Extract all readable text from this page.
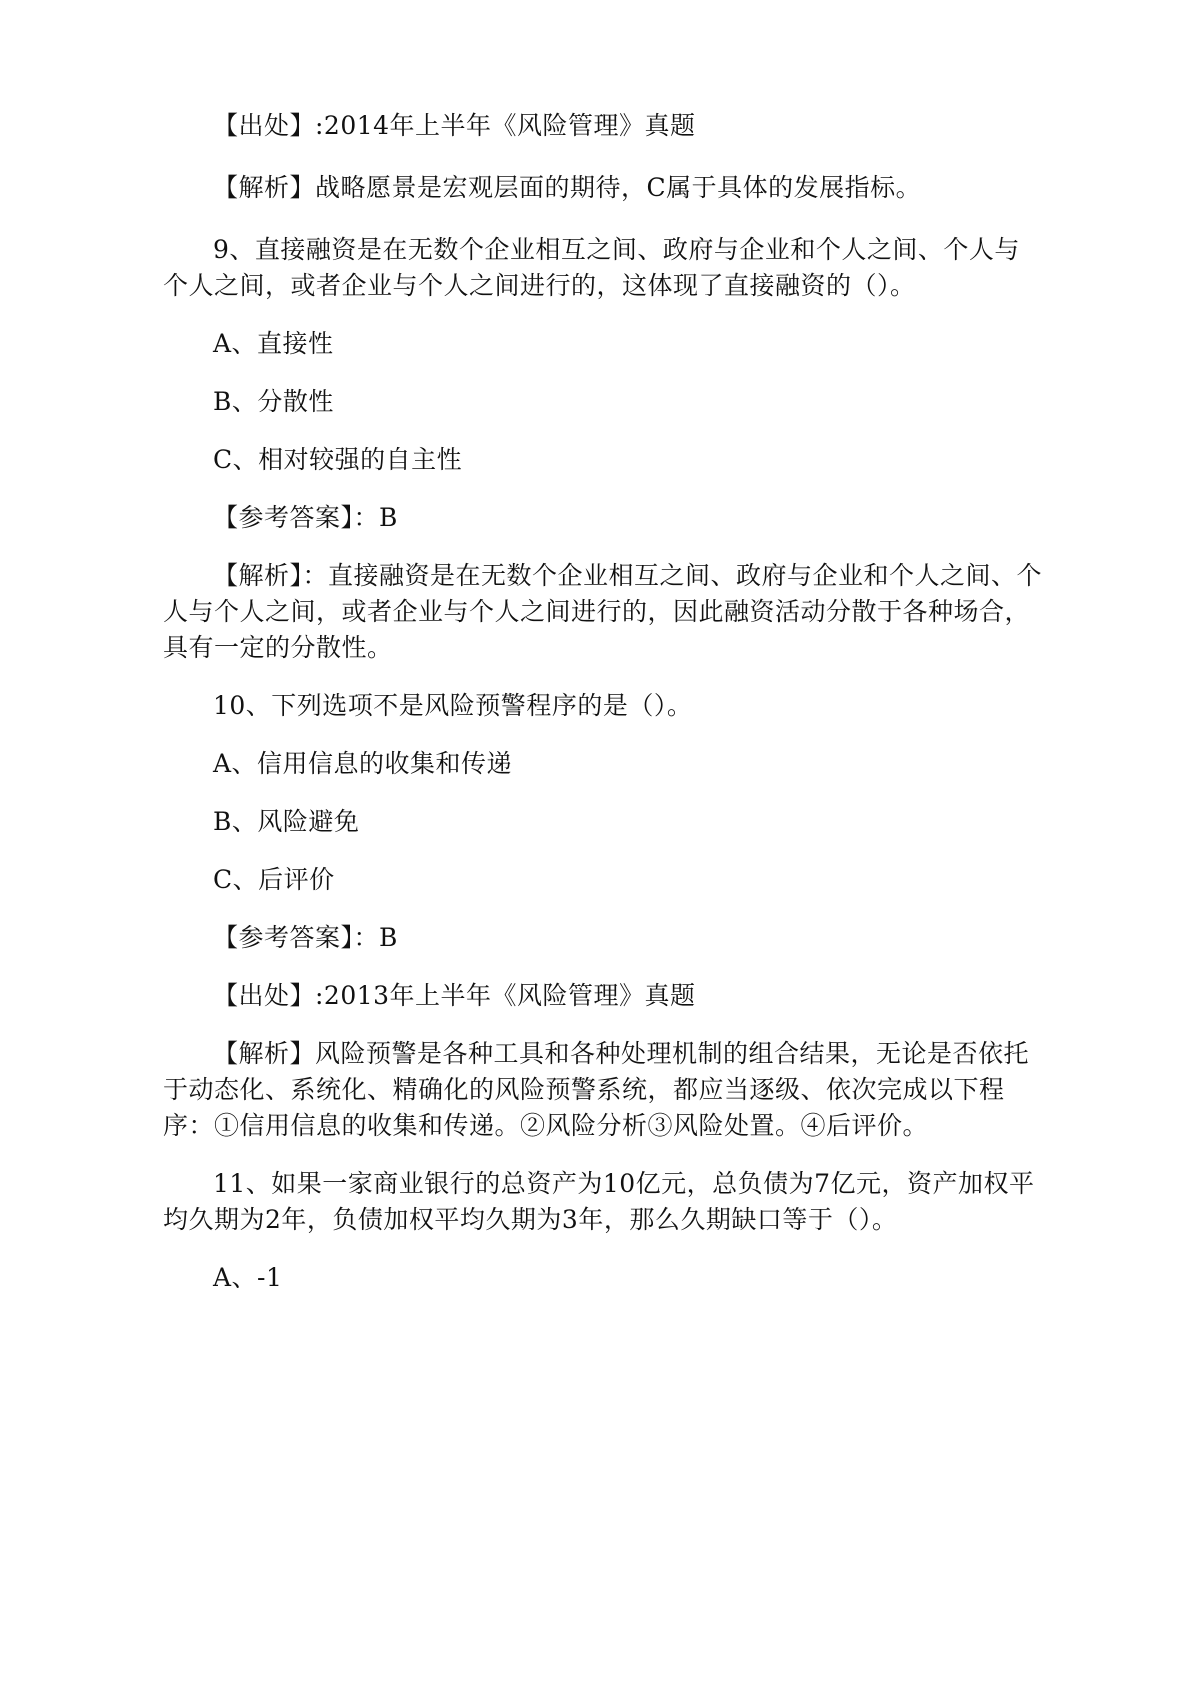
【出处】:2014年上半年《风险管理》真题

【解析】战略愿景是宏观层面的期待，C属于具体的发展指标。

9、直接融资是在无数个企业相互之间、政府与企业和个人之间、个人与个人之间，或者企业与个人之间进行的，这体现了直接融资的（）。

A、直接性

B、分散性

C、相对较强的自主性

【参考答案】：B

【解析】：直接融资是在无数个企业相互之间、政府与企业和个人之间、个人与个人之间，或者企业与个人之间进行的，因此融资活动分散于各种场合，具有一定的分散性。

10、下列选项不是风险预警程序的是（）。

A、信用信息的收集和传递

B、风险避免

C、后评价

【参考答案】：B

【出处】:2013年上半年《风险管理》真题

【解析】风险预警是各种工具和各种处理机制的组合结果，无论是否依托于动态化、系统化、精确化的风险预警系统，都应当逐级、依次完成以下程序：①信用信息的收集和传递。②风险分析③风险处置。④后评价。

11、如果一家商业银行的总资产为10亿元，总负债为7亿元，资产加权平均久期为2年，负债加权平均久期为3年，那么久期缺口等于（）。

A、-1
